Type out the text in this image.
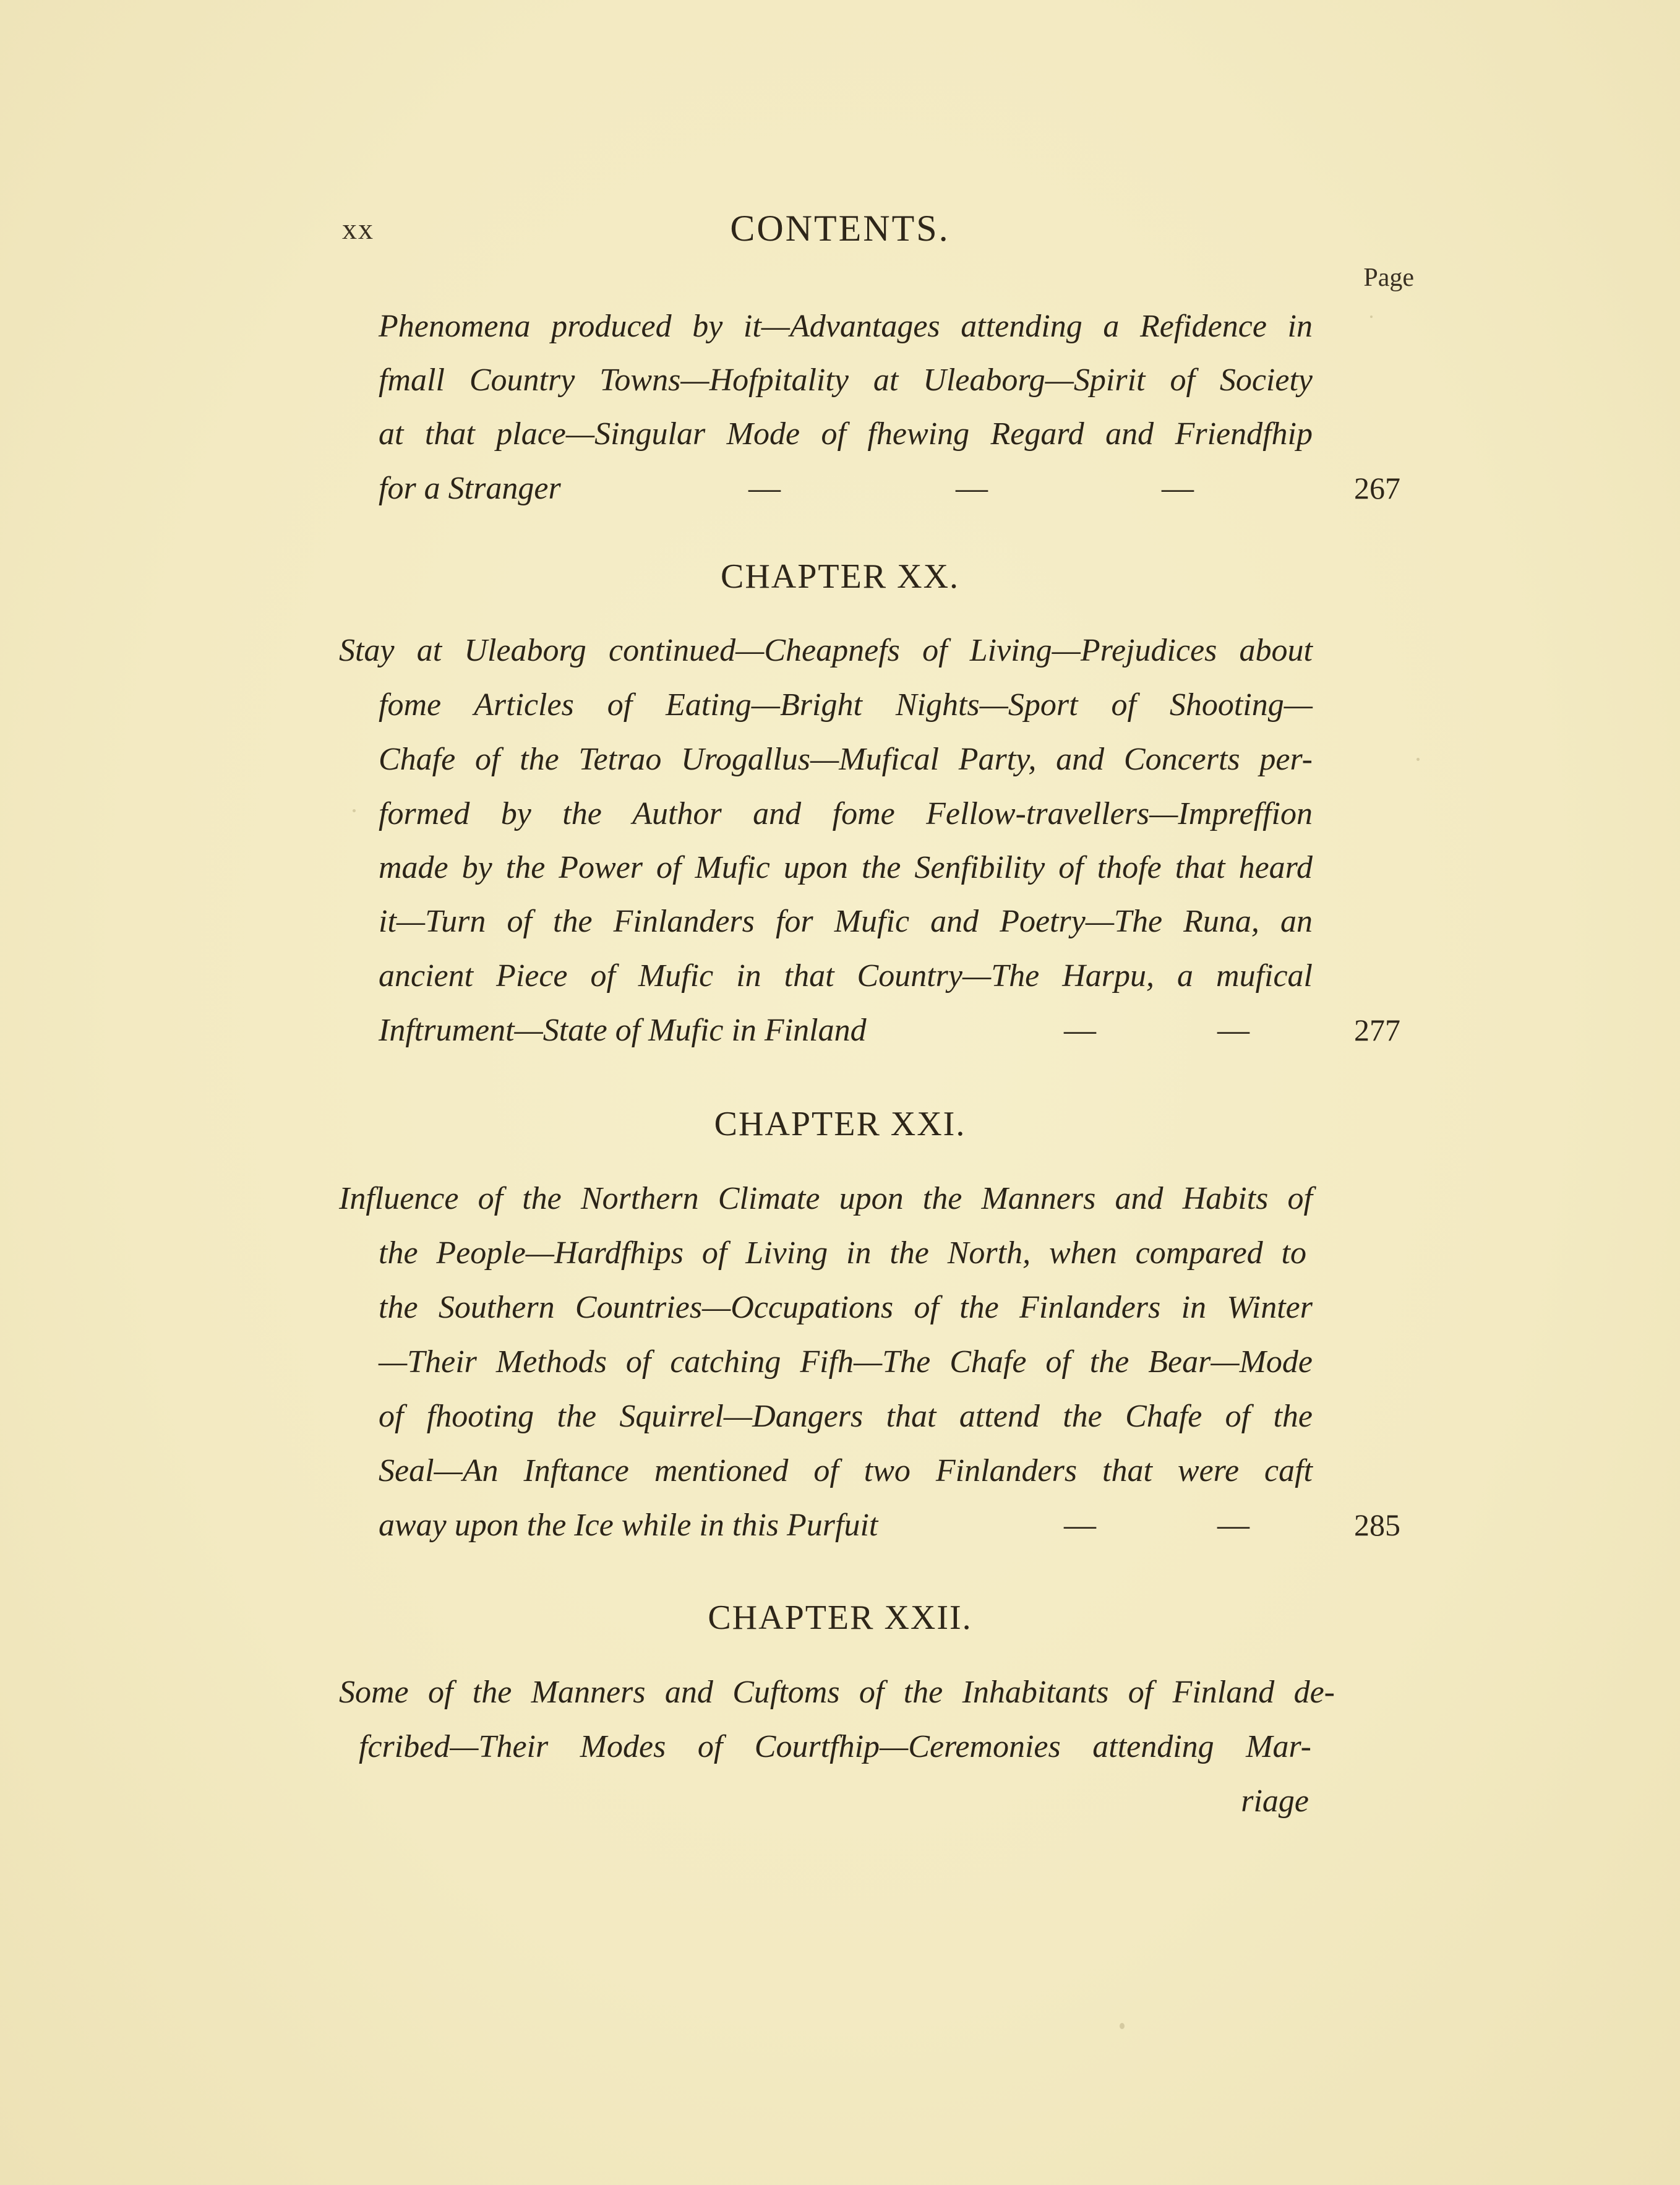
xx	CONTENTS.
Page
Phenomena produced by it—Advantages attending a Refidence in
fmall Country Towns—Hofpitality at Uleaborg—Spirit of Society
at that place—Singular Mode of fhewing Regard and Friendfhip
for a Stranger	—	—	—	267
CHAPTER XX.
Stay at Uleaborg continued—Cheapnefs of Living—Prejudices about
fome Articles of Eating—Bright Nights—Sport of Shooting—
Chafe of the Tetrao Urogallus—Mufical Party, and Concerts per-
formed by the Author and fome Fellow-travellers—Impreffion
made by the Power of Mufic upon the Senfibility of thofe that heard
it—Turn of the Finlanders for Mufic and Poetry—The Runa, an
ancient Piece of Mufic in that Country—The Harpu, a mufical
Inftrument—State of Mufic in Finland	—	—	277
CHAPTER XXI.
Influence of the Northern Climate upon the Manners and Habits of
the People—Hardfhips of Living in the North, when compared to
the Southern Countries—Occupations of the Finlanders in Winter
—Their Methods of catching Fifh—The Chafe of the Bear—Mode
of fhooting the Squirrel—Dangers that attend the Chafe of the
Seal—An Inftance mentioned of two Finlanders that were caft
away upon the Ice while in this Purfuit	—	—	285
CHAPTER XXII.
Some of the Manners and Cuftoms of the Inhabitants of Finland de-
fcribed—Their Modes of Courtfhip—Ceremonies attending Mar-
riage
